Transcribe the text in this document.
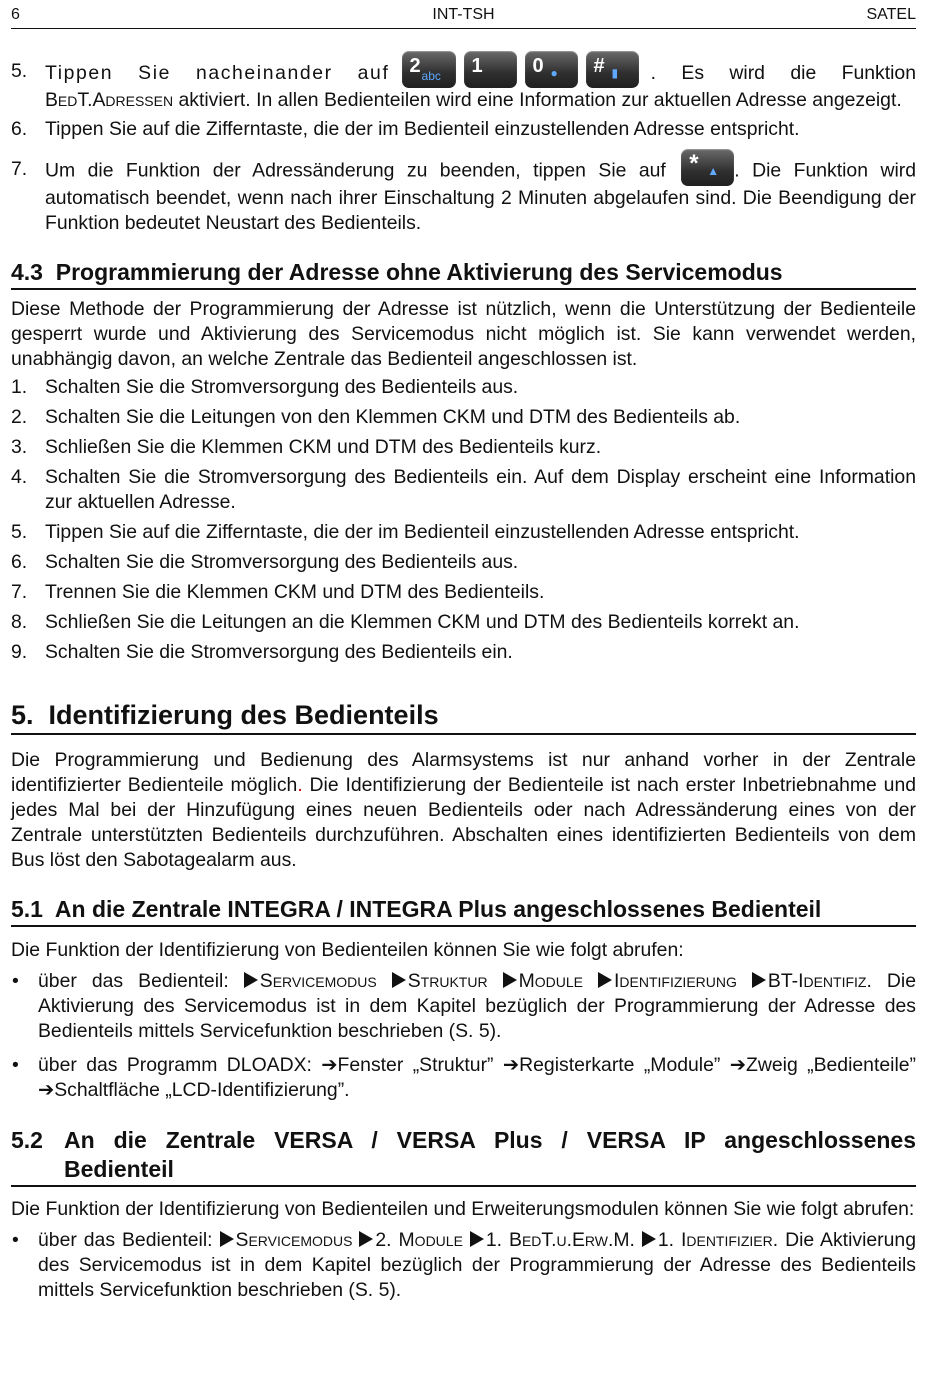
6	INT-TSH	SATEL
5. Tippen Sie nacheinander auf 2 abc 1 0 ● # ▮ . Es wird die Funktion
BedT.Adressen aktiviert. In allen Bedienteilen wird eine Information zur aktuellen Adresse angezeigt.
6. Tippen Sie auf die Zifferntaste, die der im Bedienteil einzustellenden Adresse entspricht.
7. Um die Funktion der Adressänderung zu beenden, tippen Sie auf * ▲ . Die Funktion wird automatisch beendet, wenn nach ihrer Einschaltung 2 Minuten abgelaufen sind. Die Beendigung der Funktion bedeutet Neustart des Bedienteils.
4.3  Programmierung der Adresse ohne Aktivierung des Servicemodus

Diese Methode der Programmierung der Adresse ist nützlich, wenn die Unterstützung der Bedienteile gesperrt wurde und Aktivierung des Servicemodus nicht möglich ist. Sie kann verwendet werden, unabhängig davon, an welche Zentrale das Bedienteil angeschlossen ist.

1. Schalten Sie die Stromversorgung des Bedienteils aus.
2. Schalten Sie die Leitungen von den Klemmen CKM und DTM des Bedienteils ab.
3. Schließen Sie die Klemmen CKM und DTM des Bedienteils kurz.
4. Schalten Sie die Stromversorgung des Bedienteils ein. Auf dem Display erscheint eine Information zur aktuellen Adresse.
5. Tippen Sie auf die Zifferntaste, die der im Bedienteil einzustellenden Adresse entspricht.
6. Schalten Sie die Stromversorgung des Bedienteils aus.
7. Trennen Sie die Klemmen CKM und DTM des Bedienteils.
8. Schließen Sie die Leitungen an die Klemmen CKM und DTM des Bedienteils korrekt an.
9. Schalten Sie die Stromversorgung des Bedienteils ein.
5.  Identifizierung des Bedienteils

Die Programmierung und Bedienung des Alarmsystems ist nur anhand vorher in der Zentrale identifizierter Bedienteile möglich. Die Identifizierung der Bedienteile ist nach erster Inbetriebnahme und jedes Mal bei der Hinzufügung eines neuen Bedienteils oder nach Adressänderung eines von der Zentrale unterstützten Bedienteils durchzuführen. Abschalten eines identifizierten Bedienteils von dem Bus löst den Sabotagealarm aus.

5.1  An die Zentrale INTEGRA / INTEGRA Plus angeschlossenes Bedienteil

Die Funktion der Identifizierung von Bedienteilen können Sie wie folgt abrufen:

• über das Bedienteil: Servicemodus Struktur Module Identifizierung BT-Identifiz. Die Aktivierung des Servicemodus ist in dem Kapitel bezüglich der Programmierung der Adresse des Bedienteils mittels Servicefunktion beschrieben (S. 5).
• über das Programm DLOADX: ➔Fenster „Struktur” ➔Registerkarte „Module” ➔Zweig „Bedienteile” ➔Schaltfläche „LCD-Identifizierung”.
5.2 An die Zentrale VERSA / VERSA Plus / VERSA IP angeschlossenes Bedienteil

Die Funktion der Identifizierung von Bedienteilen und Erweiterungsmodulen können Sie wie folgt abrufen:

• über das Bedienteil: Servicemodus 2. Module 1. BedT.u.Erw.M. 1. Identifizier. Die Aktivierung des Servicemodus ist in dem Kapitel bezüglich der Programmierung der Adresse des Bedienteils mittels Servicefunktion beschrieben (S. 5).
